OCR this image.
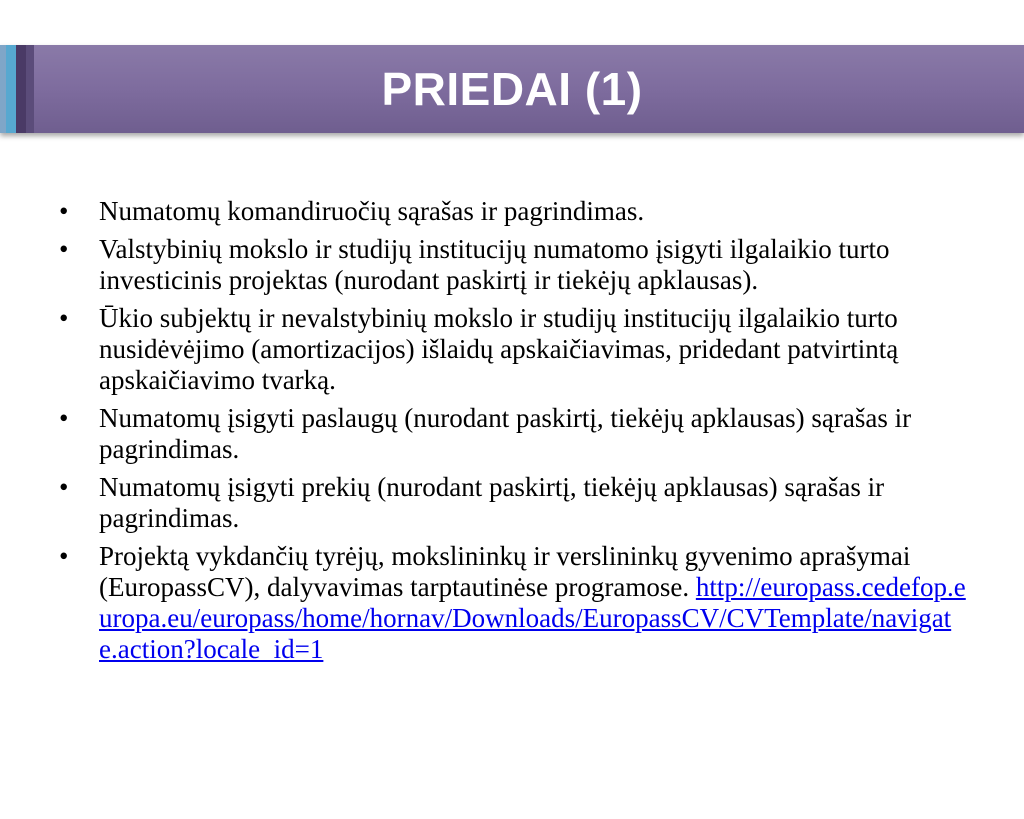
PRIEDAI (1)
• Numatomų komandiruočių sąrašas ir pagrindimas.
• Valstybinių mokslo ir studijų institucijų numatomo įsigyti ilgalaikio turto investicinis projektas (nurodant paskirtį ir tiekėjų apklausas).
• Ūkio subjektų ir nevalstybinių mokslo ir studijų institucijų ilgalaikio turto nusidėvėjimo (amortizacijos) išlaidų apskaičiavimas, pridedant patvirtintą apskaičiavimo tvarką.
• Numatomų įsigyti paslaugų (nurodant paskirtį, tiekėjų apklausas) sąrašas ir pagrindimas.
• Numatomų įsigyti prekių (nurodant paskirtį, tiekėjų apklausas) sąrašas ir pagrindimas.
• Projektą vykdančių tyrėjų, mokslininkų ir verslininkų gyvenimo aprašymai (EuropassCV), dalyvavimas tarptautinėse programose. http://europass.cedefop.europa.eu/europass/home/hornav/Downloads/EuropassCV/CVTemplate/navigate.action?locale_id=1
